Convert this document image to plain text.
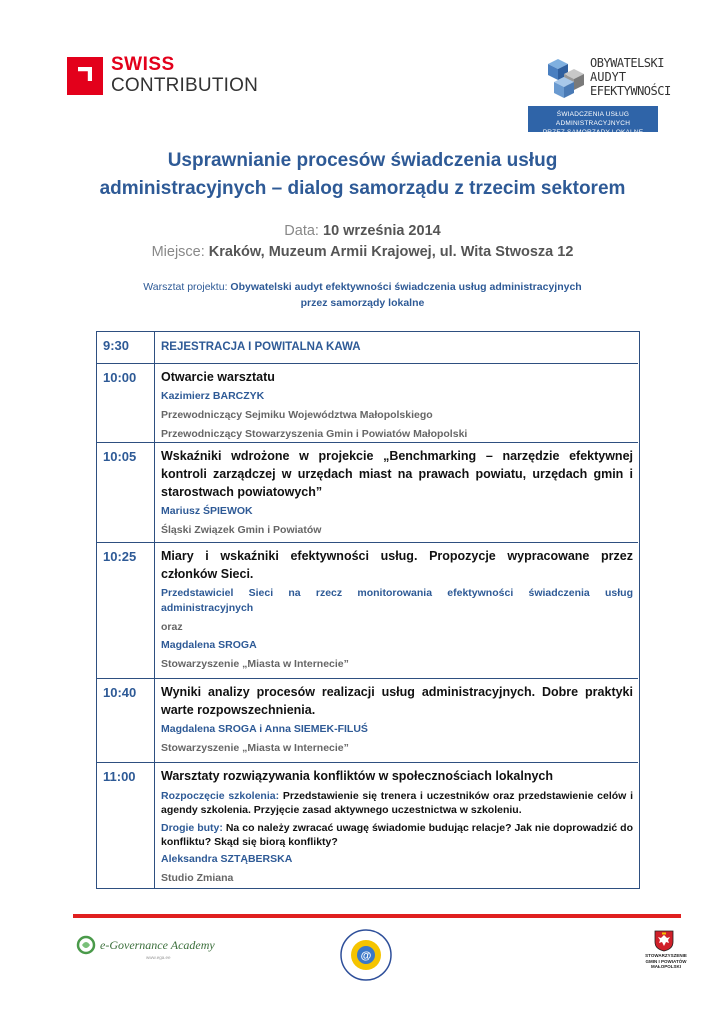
SWISS
CONTRIBUTION
OBYWATELSKI
AUDYT
EFEKTYWNOŚCI
ŚWIADCZENIA USŁUG ADMINISTRACYJNYCH
PRZEZ SAMORZĄDY LOKALNE
Usprawnianie procesów świadczenia usług
administracyjnych – dialog samorządu z trzecim sektorem
Data: 10 września 2014
Miejsce: Kraków, Muzeum Armii Krajowej, ul. Wita Stwosza 12
Warsztat projektu: Obywatelski audyt efektywności świadczenia usług administracyjnych
przez samorządy lokalne
9:30	REJESTRACJA I POWITALNA KAWA
10:00 Otwarcie warsztatu
Kazimierz BARCZYK
Przewodniczący Sejmiku Województwa Małopolskiego
Przewodniczący Stowarzyszenia Gmin i Powiatów Małopolski
10:05 Wskaźniki wdrożone w projekcie „Benchmarking – narzędzie efektywnej kontroli zarządczej w urzędach miast na prawach powiatu, urzędach gmin i starostwach powiatowych”
Mariusz ŚPIEWOK
Śląski Związek Gmin i Powiatów
10:25 Miary i wskaźniki efektywności usług. Propozycje wypracowane przez członków Sieci.
Przedstawiciel Sieci na rzecz monitorowania efektywności świadczenia usług administracyjnych
oraz
Magdalena SROGA
Stowarzyszenie „Miasta w Internecie”
10:40 Wyniki analizy procesów realizacji usług administracyjnych. Dobre praktyki warte rozpowszechnienia.
Magdalena SROGA i Anna SIEMEK-FILUŚ
Stowarzyszenie „Miasta w Internecie”
11:00 Warsztaty rozwiązywania konfliktów w społecznościach lokalnych
Rozpoczęcie szkolenia: Przedstawienie się trenera i uczestników oraz przedstawienie celów i agendy szkolenia. Przyjęcie zasad aktywnego uczestnictwa w szkoleniu.
Drogie buty: Na co należy zwracać uwagę świadomie budując relacje? Jak nie doprowadzić do konfliktu? Skąd się biorą konflikty?
Aleksandra SZTĄBERSKA
Studio Zmiana
e-Governance Academy
www.ega.ee	@	STOWARZYSZENIE
GMIN I POWIATÓW
MAŁOPOLSKI
